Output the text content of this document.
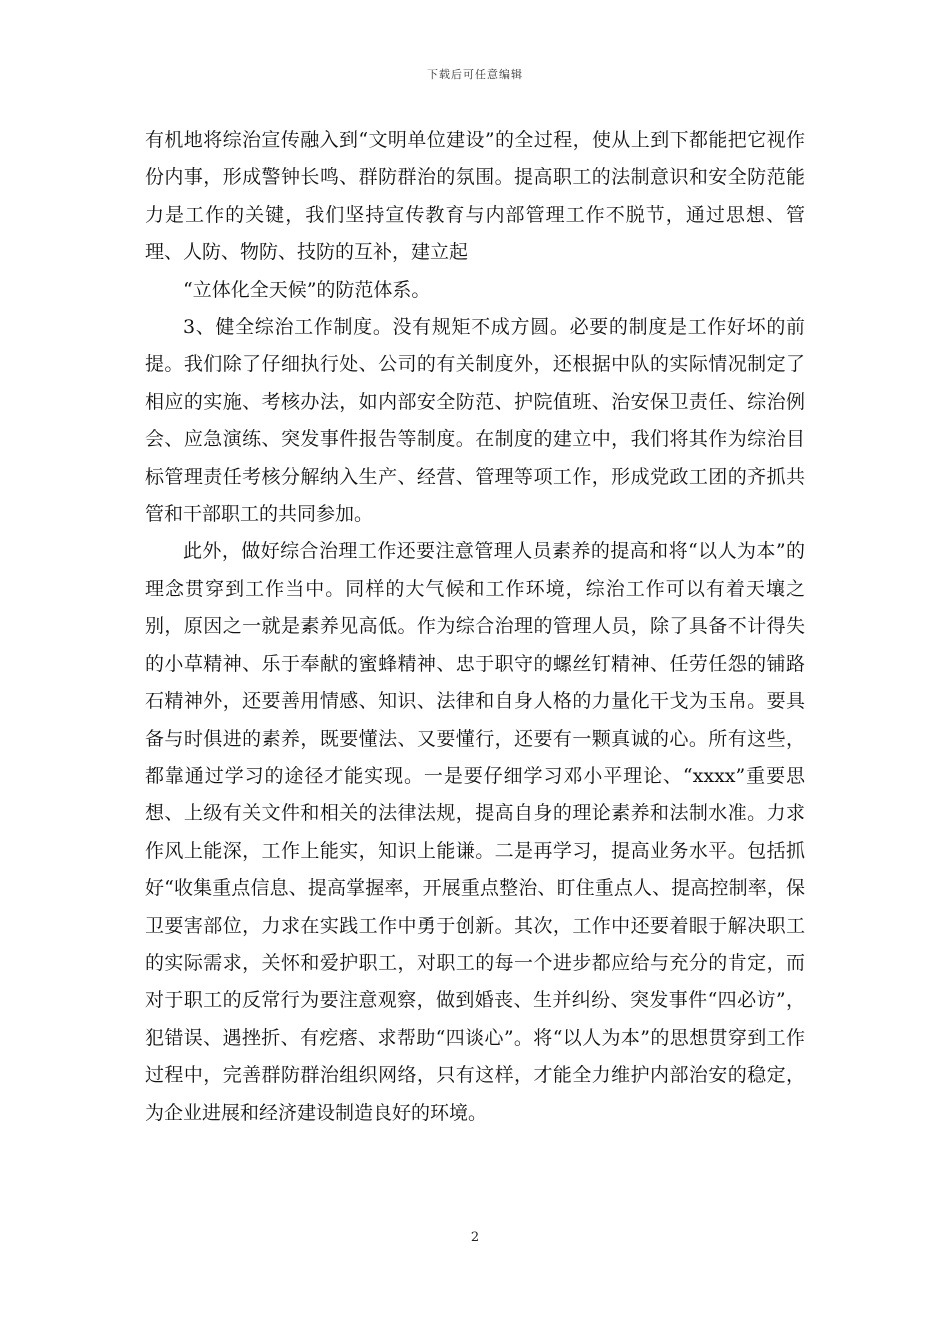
下载后可任意编辑

有机地将综治宣传融入到“文明单位建设”的全过程，使从上到下都能把它视作份内事，形成警钟长鸣、群防群治的氛围。提高职工的法制意识和安全防范能力是工作的关键，我们坚持宣传教育与内部管理工作不脱节，通过思想、管理、人防、物防、技防的互补，建立起

“立体化全天候”的防范体系。

3、健全综治工作制度。没有规矩不成方圆。必要的制度是工作好坏的前提。我们除了仔细执行处、公司的有关制度外，还根据中队的实际情况制定了相应的实施、考核办法，如内部安全防范、护院值班、治安保卫责任、综治例会、应急演练、突发事件报告等制度。在制度的建立中，我们将其作为综治目标管理责任考核分解纳入生产、经营、管理等项工作，形成党政工团的齐抓共管和干部职工的共同参加。

此外，做好综合治理工作还要注意管理人员素养的提高和将“以人为本”的理念贯穿到工作当中。同样的大气候和工作环境，综治工作可以有着天壤之别，原因之一就是素养见高低。作为综合治理的管理人员，除了具备不计得失的小草精神、乐于奉献的蜜蜂精神、忠于职守的螺丝钉精神、任劳任怨的铺路石精神外，还要善用情感、知识、法律和自身人格的力量化干戈为玉帛。要具备与时俱进的素养，既要懂法、又要懂行，还要有一颗真诚的心。所有这些，都靠通过学习的途径才能实现。一是要仔细学习邓小平理论、“xxxx”重要思想、上级有关文件和相关的法律法规，提高自身的理论素养和法制水准。力求作风上能深，工作上能实，知识上能谦。二是再学习，提高业务水平。包括抓好“收集重点信息、提高掌握率，开展重点整治、盯住重点人、提高控制率，保卫要害部位，力求在实践工作中勇于创新。其次，工作中还要着眼于解决职工的实际需求，关怀和爱护职工，对职工的每一个进步都应给与充分的肯定，而对于职工的反常行为要注意观察，做到婚丧、生并纠纷、突发事件“四必访”，犯错误、遇挫折、有疙瘩、求帮助“四谈心”。将“以人为本”的思想贯穿到工作过程中，完善群防群治组织网络，只有这样，才能全力维护内部治安的稳定，为企业进展和经济建设制造良好的环境。

2
